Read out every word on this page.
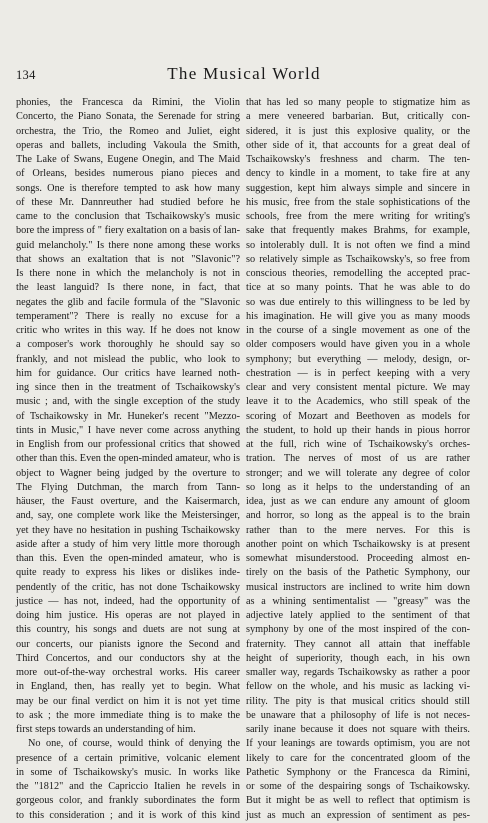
134	The Musical World
phonies, the Francesca da Rimini, the Violin
Concerto, the Piano Sonata, the Serenade for string
orchestra, the Trio, the Romeo and Juliet, eight
operas and ballets, including Vakoula the Smith,
The Lake of Swans, Eugene Onegin, and The Maid
of Orleans, besides numerous piano pieces and
songs. One is therefore tempted to ask how many
of these Mr. Dannreuther had studied before he
came to the conclusion that Tschaikowsky's music
bore the impress of " fiery exaltation on a basis of lan-
guid melancholy." Is there none among these works
that shows an exaltation that is not "Slavonic"?
Is there none in which the melancholy is not in
the least languid? Is there none, in fact, that
negates the glib and facile formula of the "Slavonic
temperament"? There is really no excuse for a
critic who writes in this way. If he does not know
a composer's work thoroughly he should say so
frankly, and not mislead the public, who look to
him for guidance. Our critics have learned noth-
ing since then in the treatment of Tschaikowsky's
music ; and, with the single exception of the study
of Tschaikowsky in Mr. Huneker's recent "Mezzo-
tints in Music," I have never come across anything
in English from our professional critics that showed
other than this. Even the open-minded amateur, who is
object to Wagner being judged by the overture to
The Flying Dutchman, the march from Tann-
häuser, the Faust overture, and the Kaisermarch,
and, say, one complete work like the Meistersinger,
yet they have no hesitation in pushing Tschaikowsky
aside after a study of him very little more thorough
than this. Even the open-minded amateur, who is
quite ready to express his likes or dislikes inde-
pendently of the critic, has not done Tschaikowsky
justice — has not, indeed, had the opportunity of
doing him justice. His operas are not played in
this country, his songs and duets are not sung at
our concerts, our pianists ignore the Second and
Third Concertos, and our conductors shy at the
more out-of-the-way orchestral works. His career
in England, then, has really yet to begin. What
may be our final verdict on him it is not yet time
to ask ; the more immediate thing is to make the
first steps towards an understanding of him.
No one, of course, would think of denying the
presence of a certain primitive, volcanic element
in some of Tschaikowsky's music. In works like
the "1812" and the Capriccio Italien he revels in
gorgeous color, and frankly subordinates the form
to this consideration ; and it is work of this kind
that has led so many people to stigmatize him as
a mere veneered barbarian. But, critically con-
sidered, it is just this explosive quality, or the
other side of it, that accounts for a great deal of
Tschaikowsky's freshness and charm. The ten-
dency to kindle in a moment, to take fire at any
suggestion, kept him always simple and sincere in
his music, free from the stale sophistications of the
schools, free from the mere writing for writing's
sake that frequently makes Brahms, for example,
so intolerably dull. It is not often we find a mind
so relatively simple as Tschaikowsky's, so free from
conscious theories, remodelling the accepted prac-
tice at so many points. That he was able to do
so was due entirely to this willingness to be led by
his imagination. He will give you as many moods
in the course of a single movement as one of the
older composers would have given you in a whole
symphony; but everything — melody, design, or-
chestration — is in perfect keeping with a very
clear and very consistent mental picture. We may
leave it to the Academics, who still speak of the
scoring of Mozart and Beethoven as models for
the student, to hold up their hands in pious horror
at the full, rich wine of Tschaikowsky's orches-
tration. The nerves of most of us are rather
stronger; and we will tolerate any degree of color
so long as it helps to the understanding of an
idea, just as we can endure any amount of gloom
and horror, so long as the appeal is to the brain
rather than to the mere nerves. For this is
another point on which Tschaikowsky is at present
somewhat misunderstood. Proceeding almost en-
tirely on the basis of the Pathetic Symphony, our
musical instructors are inclined to write him down
as a whining sentimentalist — "greasy" was the
adjective lately applied to the sentiment of that
symphony by one of the most inspired of the con-
fraternity. They cannot all attain that ineffable
height of superiority, though each, in his own
smaller way, regards Tschaikowsky as rather a poor
fellow on the whole, and his music as lacking vi-
rility. The pity is that musical critics should still
be unaware that a philosophy of life is not neces-
sarily inane because it does not square with theirs.
If your leanings are towards optimism, you are not
likely to care for the concentrated gloom of the
Pathetic Symphony or the Francesca da Rimini,
or some of the despairing songs of Tschaikowsky.
But it might be as well to reflect that optimism is
just as much an expression of sentiment as pes-
